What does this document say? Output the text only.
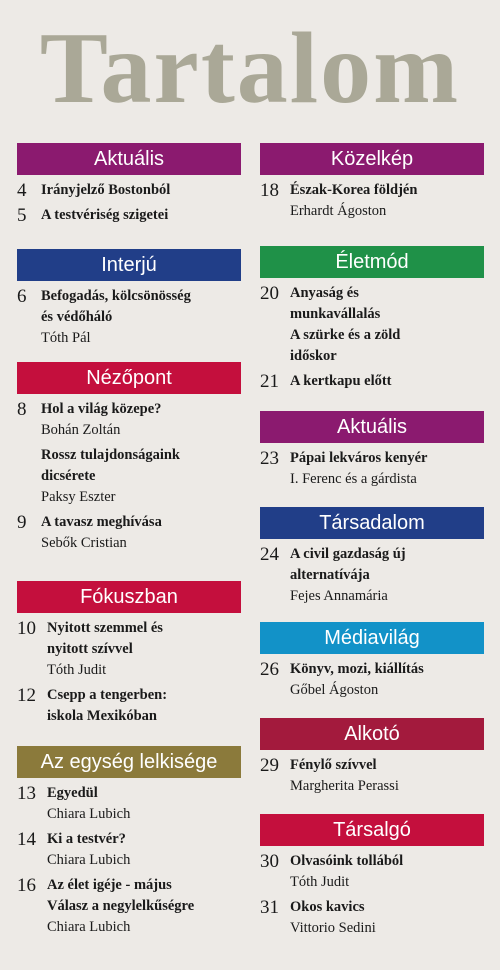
Tartalom
Aktuális
4 Irányjelző Bostonból
5 A testvériség szigetei
Interjú
6 Befogadás, kölcsönösség
és védőháló
Tóth Pál
Nézőpont
8 Hol a világ közepe?
Bohán Zoltán
Rossz tulajdonságaink
dicsérete
Paksy Eszter
9 A tavasz meghívása
Sebők Cristian
Fókuszban
10 Nyitott szemmel és
nyitott szívvel
Tóth Judit
12 Csepp a tengerben:
iskola Mexikóban
Az egység lelkisége
13 Egyedül
Chiara Lubich
14 Ki a testvér?
Chiara Lubich
16 Az élet igéje - május
Válasz a negylelkűségre
Chiara Lubich
Közelkép
18 Észak-Korea földjén
Erhardt Ágoston
Életmód
20 Anyaság és
munkavállalás
A szürke és a zöld
időskor
21 A kertkapu előtt
Aktuális
23 Pápai lekváros kenyér
I. Ferenc és a gárdista
Társadalom
24 A civil gazdaság új
alternatívája
Fejes Annamária
Médiavilág
26 Könyv, mozi, kiállítás
Gőbel Ágoston
Alkotó
29 Fénylő szívvel
Margherita Perassi
Társalgó
30 Olvasóink tollából
Tóth Judit
31 Okos kavics
Vittorio Sedini
